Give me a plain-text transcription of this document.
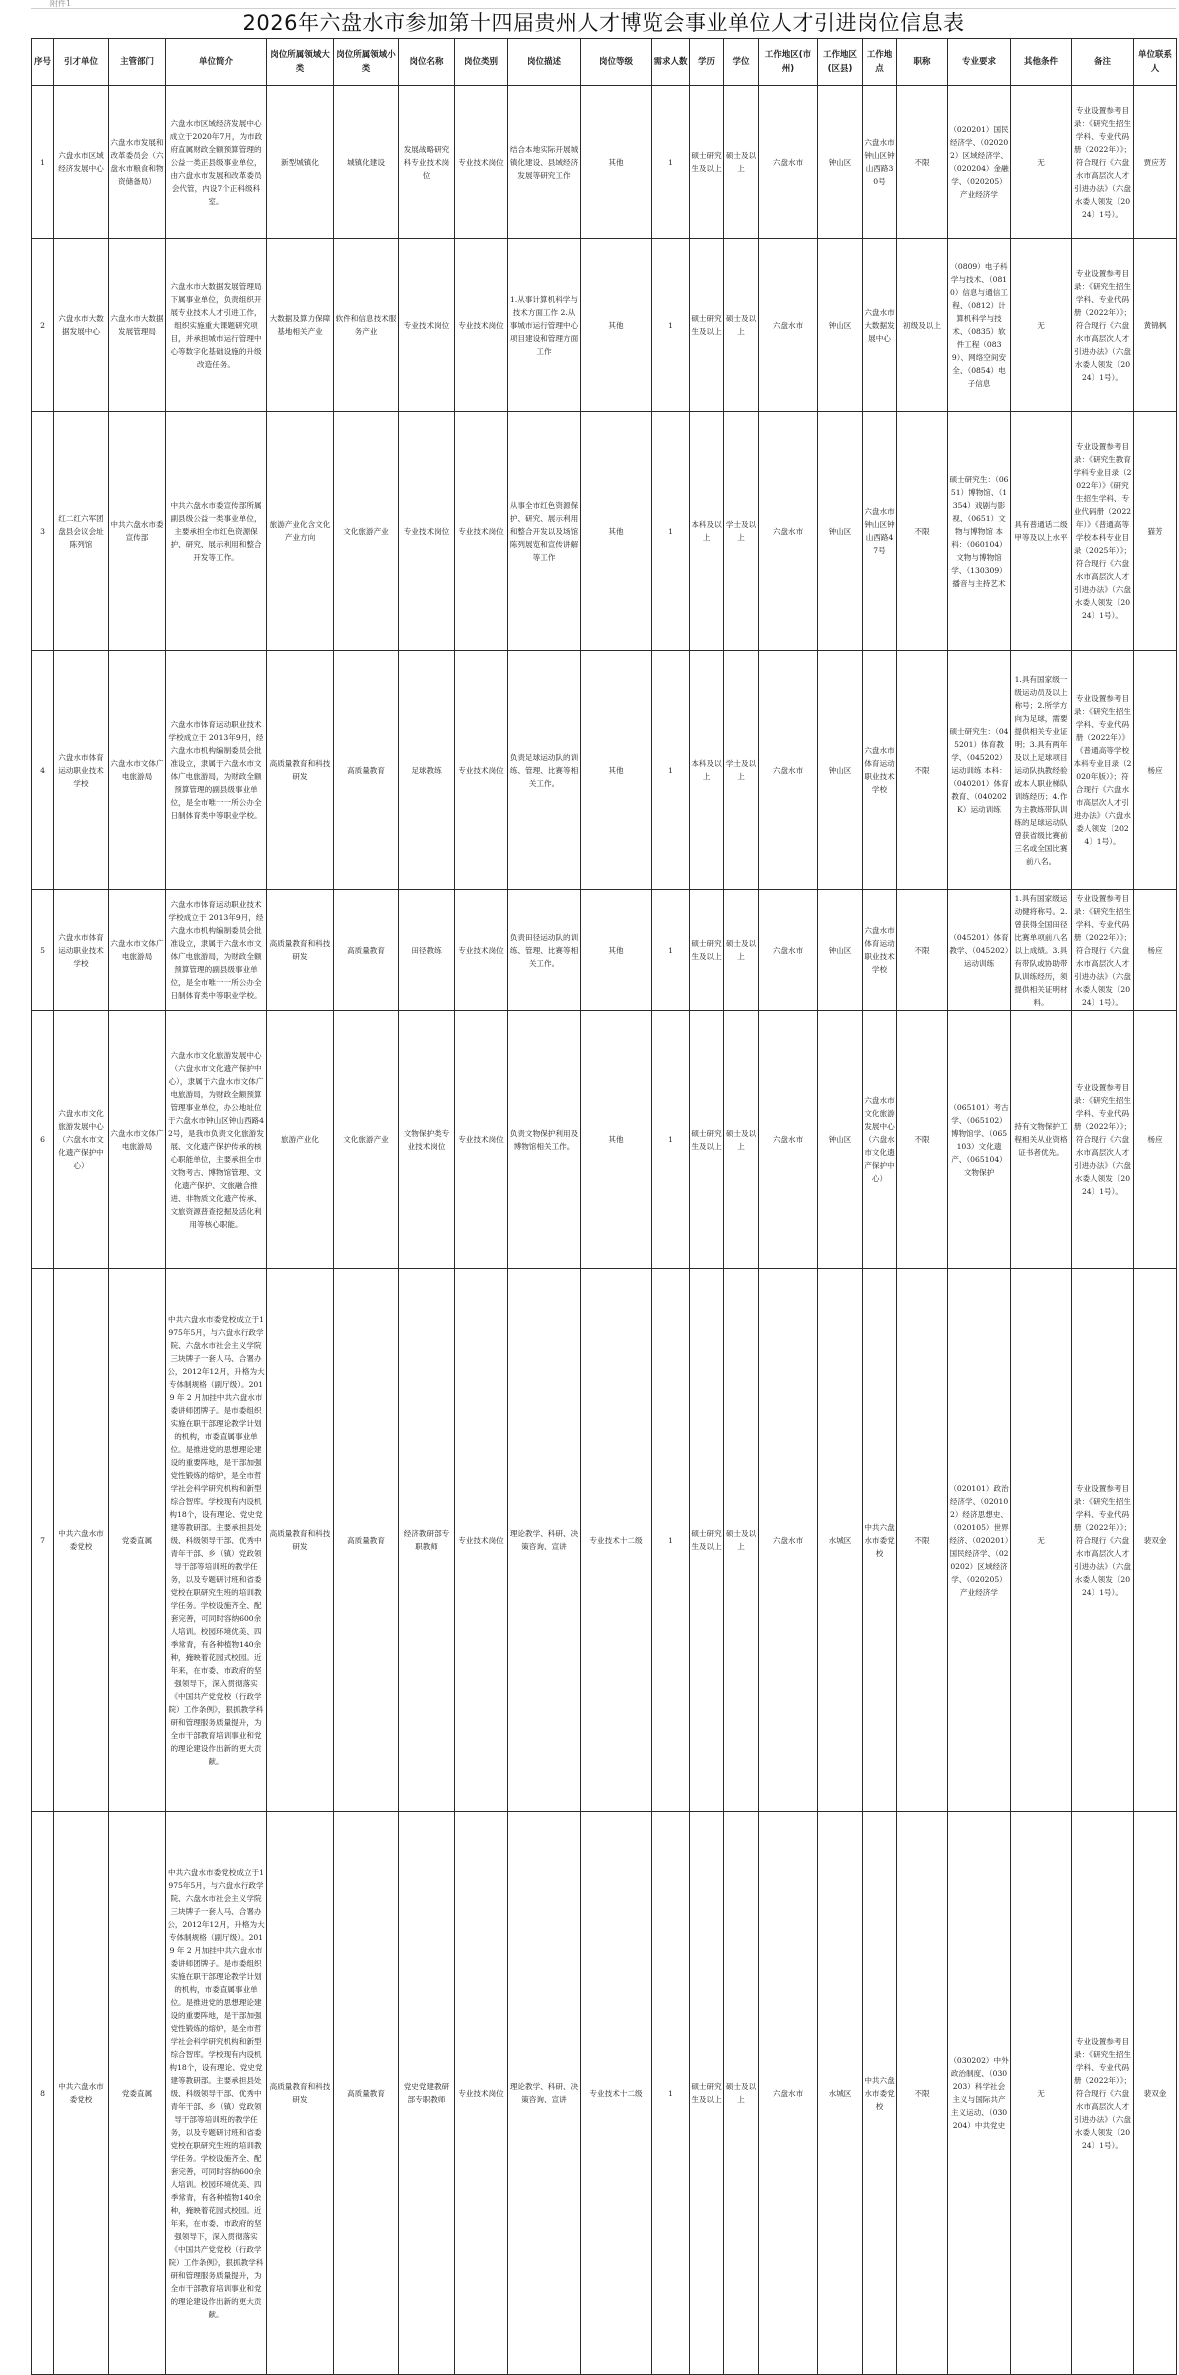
附件1
2026年六盘水市参加第十四届贵州人才博览会事业单位人才引进岗位信息表
序号	引才单位	主管部门	单位简介	岗位所属领域大类	岗位所属领域小类	岗位名称	岗位类别	岗位描述	岗位等级	需求人数	学历	学位	工作地区(市州)	工作地区(区县)	工作地点	职称	专业要求	其他条件	备注	单位联系人
1	六盘水市区域经济发展中心	六盘水市发展和改革委员会（六盘水市粮食和物资储备局）	六盘水市区域经济发展中心成立于2020年7月，为市政府直属财政全额预算管理的公益一类正县级事业单位，由六盘水市发展和改革委员会代管，内设7个正科级科室。	新型城镇化	城镇化建设	发展战略研究科专业技术岗位	专业技术岗位	结合本地实际开展城镇化建设、县域经济发展等研究工作	其他	1	硕士研究生及以上	硕士及以上	六盘水市	钟山区	六盘水市钟山区钟山西路30号	不限	（020201）国民经济学、（020202）区域经济学、（020204）金融学、（020205）产业经济学	无	专业设置参考目录：《研究生招生学科、专业代码册（2022年）》；符合现行《六盘水市高层次人才引进办法》（六盘水委人领发〔2024〕1号）。	贾应芳
2	六盘水市大数据发展中心	六盘水市大数据发展管理局	六盘水市大数据发展管理局下属事业单位，负责组织开展专业技术人才引进工作，组织实施重大课题研究项目，并承担城市运行管理中心等数字化基础设施的升级改造任务。	大数据及算力保障基地相关产业	软件和信息技术服务产业	专业技术岗位	专业技术岗位	1.从事计算机科学与技术方面工作 2.从事城市运行管理中心项目建设和管理方面工作	其他	1	硕士研究生及以上	硕士及以上	六盘水市	钟山区	六盘水市大数据发展中心	初级及以上	（0809）电子科学与技术、（0810）信息与通信工程、（0812）计算机科学与技术、（0835）软件工程（0839）、网络空间安全、（0854）电子信息	无	专业设置参考目录：《研究生招生学科、专业代码册（2022年）》；符合现行《六盘水市高层次人才引进办法》（六盘水委人领发〔2024〕1号）。	黄锦枫
3	红二红六军团盘县会议会址陈列馆	中共六盘水市委宣传部	中共六盘水市委宣传部所属副县级公益一类事业单位，主要承担全市红色资源保护、研究、展示利用和整合开发等工作。	旅游产业化含文化产业方向	文化旅游产业	专业技术岗位	专业技术岗位	从事全市红色资源保护、研究、展示利用和整合开发以及场馆陈列展览和宣传讲解等工作	其他	1	本科及以上	学士及以上	六盘水市	钟山区	六盘水市钟山区钟山西路47号	不限	硕士研究生：（0651）博物馆、（1354）戏剧与影视、（0651）文物与博物馆 本科：（060104）文物与博物馆学、（130309）播音与主持艺术	具有普通话二级甲等及以上水平	专业设置参考目录：《研究生教育学科专业目录（2022年）》《研究生招生学科、专业代码册（2022年）》《普通高等学校本科专业目录（2025年）》；符合现行《六盘水市高层次人才引进办法》（六盘水委人领发〔2024〕1号）。	猫芳
4	六盘水市体育运动职业技术学校	六盘水市文体广电旅游局	六盘水市体育运动职业技术学校成立于 2013年9月，经六盘水市机构编制委员会批准设立，隶属于六盘水市文体广电旅游局，为财政全额预算管理的副县级事业单位，是全市唯一一所公办全日制体育类中等职业学校。	高质量教育和科技研发	高质量教育	足球教练	专业技术岗位	负责足球运动队的训练、管理、比赛等相关工作。	其他	1	本科及以上	学士及以上	六盘水市	钟山区	六盘水市体育运动职业技术学校	不限	硕士研究生：（045201）体育教学、（045202）运动训练 本科：（040201）体育教育、（040202K）运动训练	1.具有国家级一级运动员及以上称号；2.所学方向为足球，需要提供相关专业证明；3.具有两年及以上足球项目运动队执教经验或本人职业梯队训练经历；4.作为主教练带队训练的足球运动队曾获省级比赛前三名或全国比赛前八名。	专业设置参考目录：《研究生招生学科、专业代码册（2022年）》《普通高等学校本科专业目录（2020年版）》；符合现行《六盘水市高层次人才引进办法》（六盘水委人领发〔2024〕1号）。	杨应
5	六盘水市体育运动职业技术学校	六盘水市文体广电旅游局	六盘水市体育运动职业技术学校成立于 2013年9月，经六盘水市机构编制委员会批准设立，隶属于六盘水市文体广电旅游局，为财政全额预算管理的副县级事业单位，是全市唯一一所公办全日制体育类中等职业学校。	高质量教育和科技研发	高质量教育	田径教练	专业技术岗位	负责田径运动队的训练、管理、比赛等相关工作。	其他	1	硕士研究生及以上	硕士及以上	六盘水市	钟山区	六盘水市体育运动职业技术学校	不限	（045201）体育教学、（045202）运动训练	1.具有国家级运动健将称号。2.曾获得全国田径比赛单项前八名以上成绩。3.具有带队或协助带队训练经历，须提供相关证明材料。	专业设置参考目录：《研究生招生学科、专业代码册（2022年）》；符合现行《六盘水市高层次人才引进办法》（六盘水委人领发〔2024〕1号）。	杨应
6	六盘水市文化旅游发展中心（六盘水市文化遗产保护中心）	六盘水市文体广电旅游局	六盘水市文化旅游发展中心（六盘水市文化遗产保护中心），隶属于六盘水市文体广电旅游局，为财政全额预算管理事业单位，办公地址位于六盘水市钟山区钟山西路42号，是我市负责文化旅游发展、文化遗产保护传承的核心职能单位，主要承担全市文物考古、博物馆管理、文化遗产保护、文旅融合推进、非物质文化遗产传承、文旅资源普查挖掘及活化利用等核心职能。	旅游产业化	文化旅游产业	文物保护类专业技术岗位	专业技术岗位	负责文物保护利用及博物馆相关工作。	其他	1	硕士研究生及以上	硕士及以上	六盘水市	钟山区	六盘水市文化旅游发展中心（六盘水市文化遗产保护中心）	不限	（065101）考古学、（065102）博物馆学、（065103）文化遗产、（065104）文物保护	持有文物保护工程相关从业资格证书者优先。	专业设置参考目录：《研究生招生学科、专业代码册（2022年）》；符合现行《六盘水市高层次人才引进办法》（六盘水委人领发〔2024〕1号）。	杨应
7	中共六盘水市委党校	党委直属	中共六盘水市委党校成立于1975年5月，与六盘水行政学院、六盘水市社会主义学院三块牌子一套人马、合署办公，2012年12月，升格为大专体制规格（副厅级）。2019 年 2 月加挂中共六盘水市委讲师团牌子。是市委组织实施在职干部理论教学计划的机构，市委直属事业单位。是推进党的思想理论建设的重要阵地，是干部加强党性锻炼的熔炉，是全市哲学社会科学研究机构和新型综合智库。学校现有内设机构18个，设有理论、党史党建等教研部。主要承担县处级、科级领导干部、优秀中青年干部、乡（镇）党政领导干部等培训班的教学任务，以及专题研讨班和省委党校在职研究生班的培训教学任务。学校设施齐全、配套完善，可同时容纳600余人培训。校园环境优美、四季常青，有各种植物140余种，掩映着花园式校园。近年来，在市委、市政府的坚强领导下，深入贯彻落实《中国共产党党校（行政学院）工作条例》，狠抓教学科研和管理服务质量提升，为全市干部教育培训事业和党的理论建设作出新的更大贡献。	高质量教育和科技研发	高质量教育	经济教研部专职教师	专业技术岗位	理论教学、科研、决策咨询、宣讲	专业技术十二级	1	硕士研究生及以上	硕士及以上	六盘水市	水城区	中共六盘水市委党校	不限	（020101）政治经济学、（020102）经济思想史、（020105）世界经济、（020201）国民经济学、（020202）区域经济学、（020205）产业经济学	无	专业设置参考目录：《研究生招生学科、专业代码册（2022年）》；符合现行《六盘水市高层次人才引进办法》（六盘水委人领发〔2024〕1号）。	裴双金
8	中共六盘水市委党校	党委直属	中共六盘水市委党校成立于1975年5月，与六盘水行政学院、六盘水市社会主义学院三块牌子一套人马、合署办公，2012年12月，升格为大专体制规格（副厅级）。2019 年 2 月加挂中共六盘水市委讲师团牌子。是市委组织实施在职干部理论教学计划的机构，市委直属事业单位。是推进党的思想理论建设的重要阵地，是干部加强党性锻炼的熔炉，是全市哲学社会科学研究机构和新型综合智库。学校现有内设机构18个，设有理论、党史党建等教研部。主要承担县处级、科级领导干部、优秀中青年干部、乡（镇）党政领导干部等培训班的教学任务，以及专题研讨班和省委党校在职研究生班的培训教学任务。学校设施齐全、配套完善，可同时容纳600余人培训。校园环境优美、四季常青，有各种植物140余种，掩映着花园式校园。近年来，在市委、市政府的坚强领导下，深入贯彻落实《中国共产党党校（行政学院）工作条例》，狠抓教学科研和管理服务质量提升，为全市干部教育培训事业和党的理论建设作出新的更大贡献。	高质量教育和科技研发	高质量教育	党史党建教研部专职教师	专业技术岗位	理论教学、科研、决策咨询、宣讲	专业技术十二级	1	硕士研究生及以上	硕士及以上	六盘水市	水城区	中共六盘水市委党校	不限	（030202）中外政治制度、（030203）科学社会主义与国际共产主义运动、（030204）中共党史	无	专业设置参考目录：《研究生招生学科、专业代码册（2022年）》；符合现行《六盘水市高层次人才引进办法》（六盘水委人领发〔2024〕1号）。	裴双金
